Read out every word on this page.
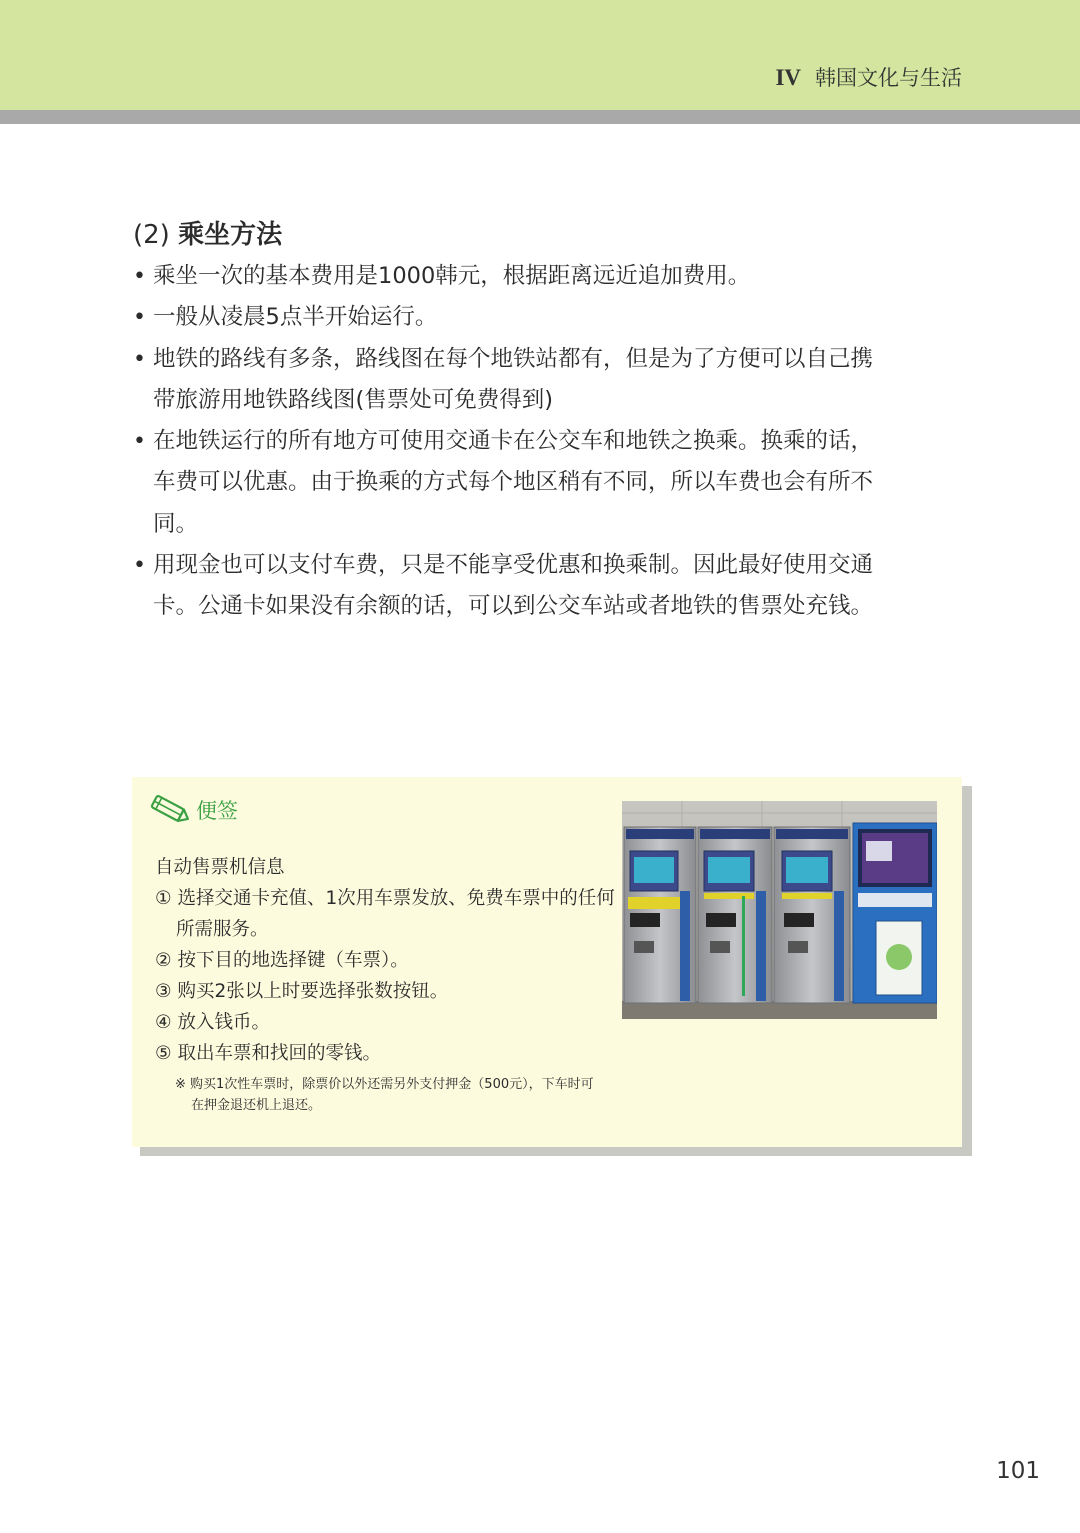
IV 韩国文化与生活
(2) 乘坐方法
• 乘坐一次的基本费用是1000韩元，根据距离远近追加费用。
• 一般从凌晨5点半开始运行。
• 地铁的路线有多条，路线图在每个地铁站都有，但是为了方便可以自己携
带旅游用地铁路线图(售票处可免费得到)
• 在地铁运行的所有地方可使用交通卡在公交车和地铁之换乘。换乘的话，
车费可以优惠。由于换乘的方式每个地区稍有不同，所以车费也会有所不
同。
• 用现金也可以支付车费，只是不能享受优惠和换乘制。因此最好使用交通
卡。公通卡如果没有余额的话，可以到公交车站或者地铁的售票处充钱。
便签
自动售票机信息
① 选择交通卡充值、1次用车票发放、免费车票中的任何
所需服务。
② 按下目的地选择键（车票）。
③ 购买2张以上时要选择张数按钮。
④ 放入钱币。
⑤ 取出车票和找回的零钱。
※ 购买1次性车票时，除票价以外还需另外支付押金（500元），下车时可
在押金退还机上退还。
101
